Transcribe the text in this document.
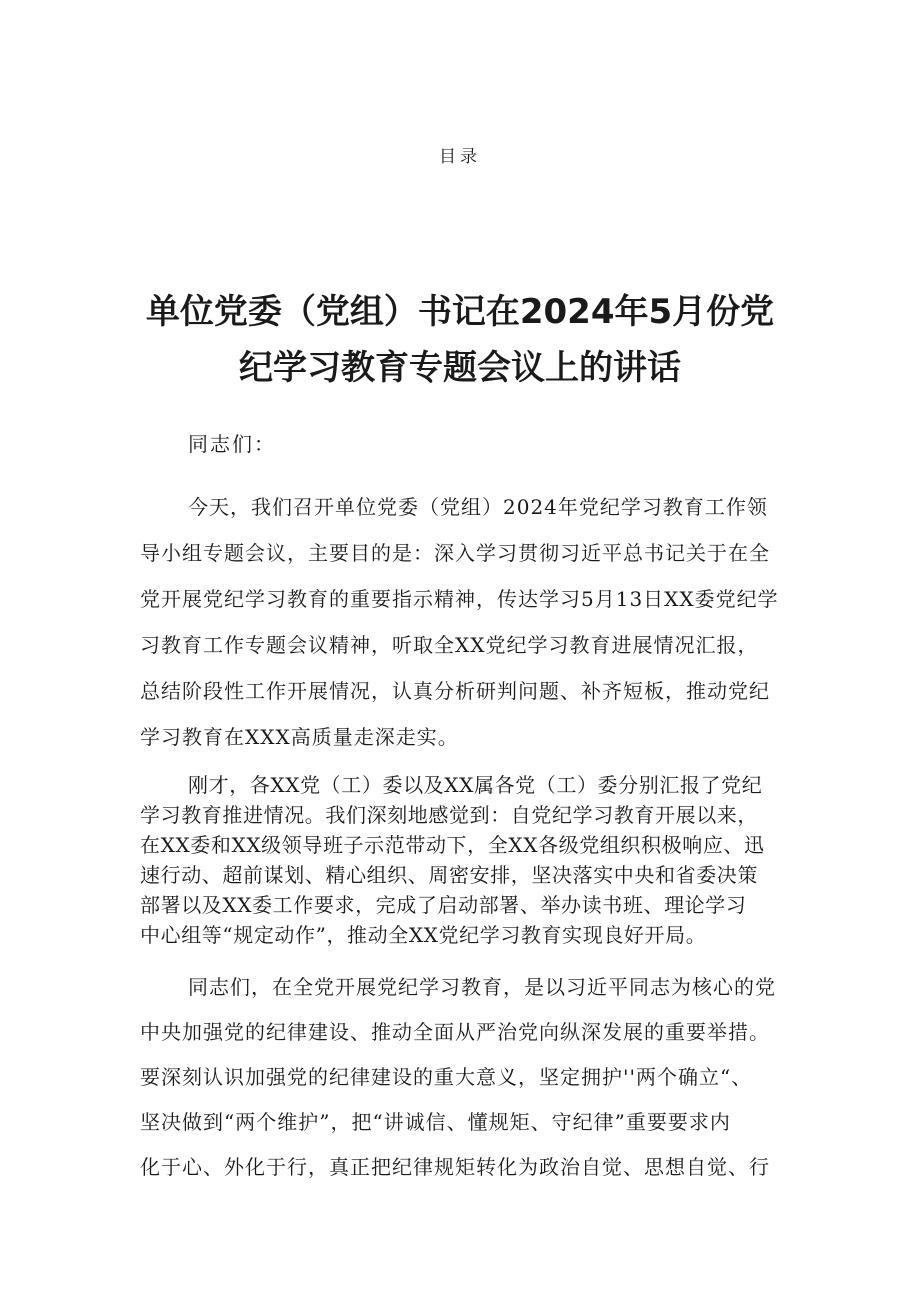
目录
单位党委（党组）书记在2024年5月份党
纪学习教育专题会议上的讲话
同志们：
今天，我们召开单位党委（党组）2024年党纪学习教育工作领
导小组专题会议，主要目的是：深入学习贯彻习近平总书记关于在全
党开展党纪学习教育的重要指示精神，传达学习5月13日XX委党纪学
习教育工作专题会议精神，听取全XX党纪学习教育进展情况汇报，
总结阶段性工作开展情况，认真分析研判问题、补齐短板，推动党纪
学习教育在XXX高质量走深走实。
刚才，各XX党（工）委以及XX属各党（工）委分别汇报了党纪
学习教育推进情况。我们深刻地感觉到：自党纪学习教育开展以来，
在XX委和XX级领导班子示范带动下，全XX各级党组织积极响应、迅
速行动、超前谋划、精心组织、周密安排，坚决落实中央和省委决策
部署以及XX委工作要求，完成了启动部署、举办读书班、理论学习
中心组等“规定动作”，推动全XX党纪学习教育实现良好开局。
同志们，在全党开展党纪学习教育，是以习近平同志为核心的党
中央加强党的纪律建设、推动全面从严治党向纵深发展的重要举措。
要深刻认识加强党的纪律建设的重大意义，坚定拥护''两个确立“、
坚决做到“两个维护”，把“讲诚信、懂规矩、守纪律”重要要求内
化于心、外化于行，真正把纪律规矩转化为政治自觉、思想自觉、行
